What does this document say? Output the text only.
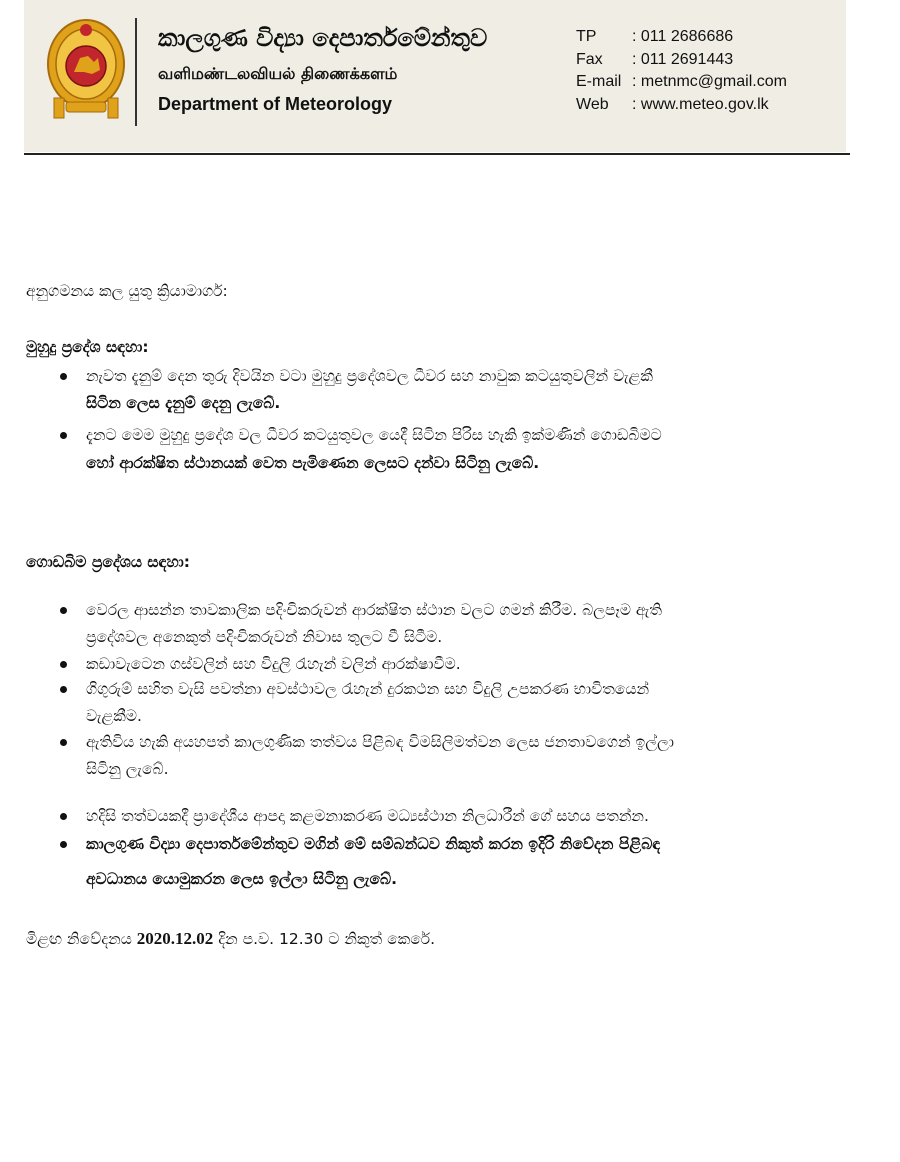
කාලගුණ විද්‍යා දෙපාර්තමේන්තුව
வளிமண்டலவியல் திணைக்களம்
Department of Meteorology
TP	: 011 2686686
Fax	: 011 2691443
E-mail : metnmc@gmail.com
Web	: www.meteo.gov.lk
අනුගමනය කල යුතු ක්‍රියාමාර්ග:
මුහුදු ප්‍රදේශ සඳහා:
නැවත දැනුම් දෙන තුරු දිවයින වටා මුහුදු ප්‍රදේශවල ධීවර සහ නාවුක කටයුතුවලින් වැළකී
සිටින ලෙස දැනුම් දෙනු ලැබේ.
දැනට මෙම මුහුදු ප්‍රදේශ වල ධීවර කටයුතුවල යෙදී සිටින පිරිස හැකි ඉක්මණින් ගොඩබිමට
හෝ ආරක්ෂිත ස්ථානයක් වෙත පැමිණෙන ලෙසට දන්වා සිටිනු ලැබේ.
ගොඩබිම ප්‍රදේශය සඳහා:
වෙරල ආසන්න තාවකාලික පදිංචිකරුවන් ආරක්ෂිත ස්ථාන වලට ගමන් කිරීම. බලපෑම ඇති
ප්‍රදේශවල අනෙකුත් පදිංචිකරුවන් නිවාස තුලට වී සිටීම.
කඩාවැටෙන ගස්වලින් සහ විදුලි රැහැන් වලින් ආරක්ෂාවීම.
ගිගුරුම් සහිත වැසි පවත්නා අවස්ථාවල රැහැන් දුරකථන සහ විදුලි උපකරණ භාවිතයෙන්
වැළකීම.
ඇතිවිය හැකි අයහපත් කාලගුණික තත්වය පිළිබඳ විමසිලිමත්වන ලෙස ජනතාවගෙන් ඉල්ලා
සිටිනු ලැබේ.
හදිසි තත්වයකදී ප්‍රාදේශීය ආපදා කළමනාකරණ මධ්‍යස්ථාන නිලධාරීන් ගේ සහය පතන්න.
කාලගුණ විද්‍යා දෙපාර්තමේන්තුව මගින් මේ සම්බන්ධව නිකුත් කරන ඉදිරි නිවේදන පිළිබඳ
අවධානය යොමුකරන ලෙස ඉල්ලා සිටිනු ලැබේ.
මිළඟ නිවේදනය 2020.12.02 දින ප.ව. 12.30 ට නිකුත් කෙරේ.
